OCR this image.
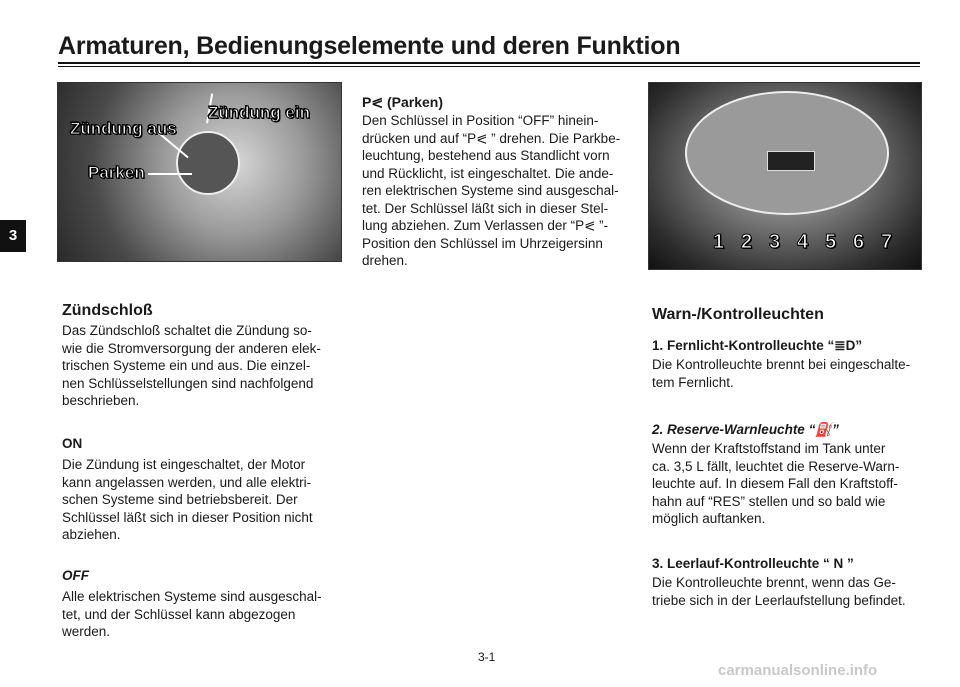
Armaturen, Bedienungselemente und deren Funktion
3
Zündung aus
Zündung ein
Parken
1 2 3 4 5 6 7
P⪕ (Parken)
Den Schlüssel in Position “OFF” hinein-
drücken und auf “P⪕ ” drehen. Die Parkbe-
leuchtung, bestehend aus Standlicht vorn
und Rücklicht, ist eingeschaltet. Die ande-
ren elektrischen Systeme sind ausgeschal-
tet. Der Schlüssel läßt sich in dieser Stel-
lung abziehen. Zum Verlassen der “P⪕ ”-
Position den Schlüssel im Uhrzeigersinn
drehen.
Zündschloß
Das Zündschloß schaltet die Zündung so-
wie die Stromversorgung der anderen elek-
trischen Systeme ein und aus. Die einzel-
nen Schlüsselstellungen sind nachfolgend
beschrieben.
ON
Die Zündung ist eingeschaltet, der Motor
kann angelassen werden, und alle elektri-
schen Systeme sind betriebsbereit. Der
Schlüssel läßt sich in dieser Position nicht
abziehen.
OFF
Alle elektrischen Systeme sind ausgeschal-
tet, und der Schlüssel kann abgezogen
werden.
Warn-/Kontrolleuchten
1. Fernlicht-Kontrolleuchte “≣D”
Die Kontrolleuchte brennt bei eingeschalte-
tem Fernlicht.
2. Reserve-Warnleuchte “⛽”
Wenn der Kraftstoffstand im Tank unter
ca. 3,5 L fällt, leuchtet die Reserve-Warn-
leuchte auf. In diesem Fall den Kraftstoff-
hahn auf “RES” stellen und so bald wie
möglich auftanken.
3. Leerlauf-Kontrolleuchte “ N ”
Die Kontrolleuchte brennt, wenn das Ge-
triebe sich in der Leerlaufstellung befindet.
3-1
carmanualsonline.info
